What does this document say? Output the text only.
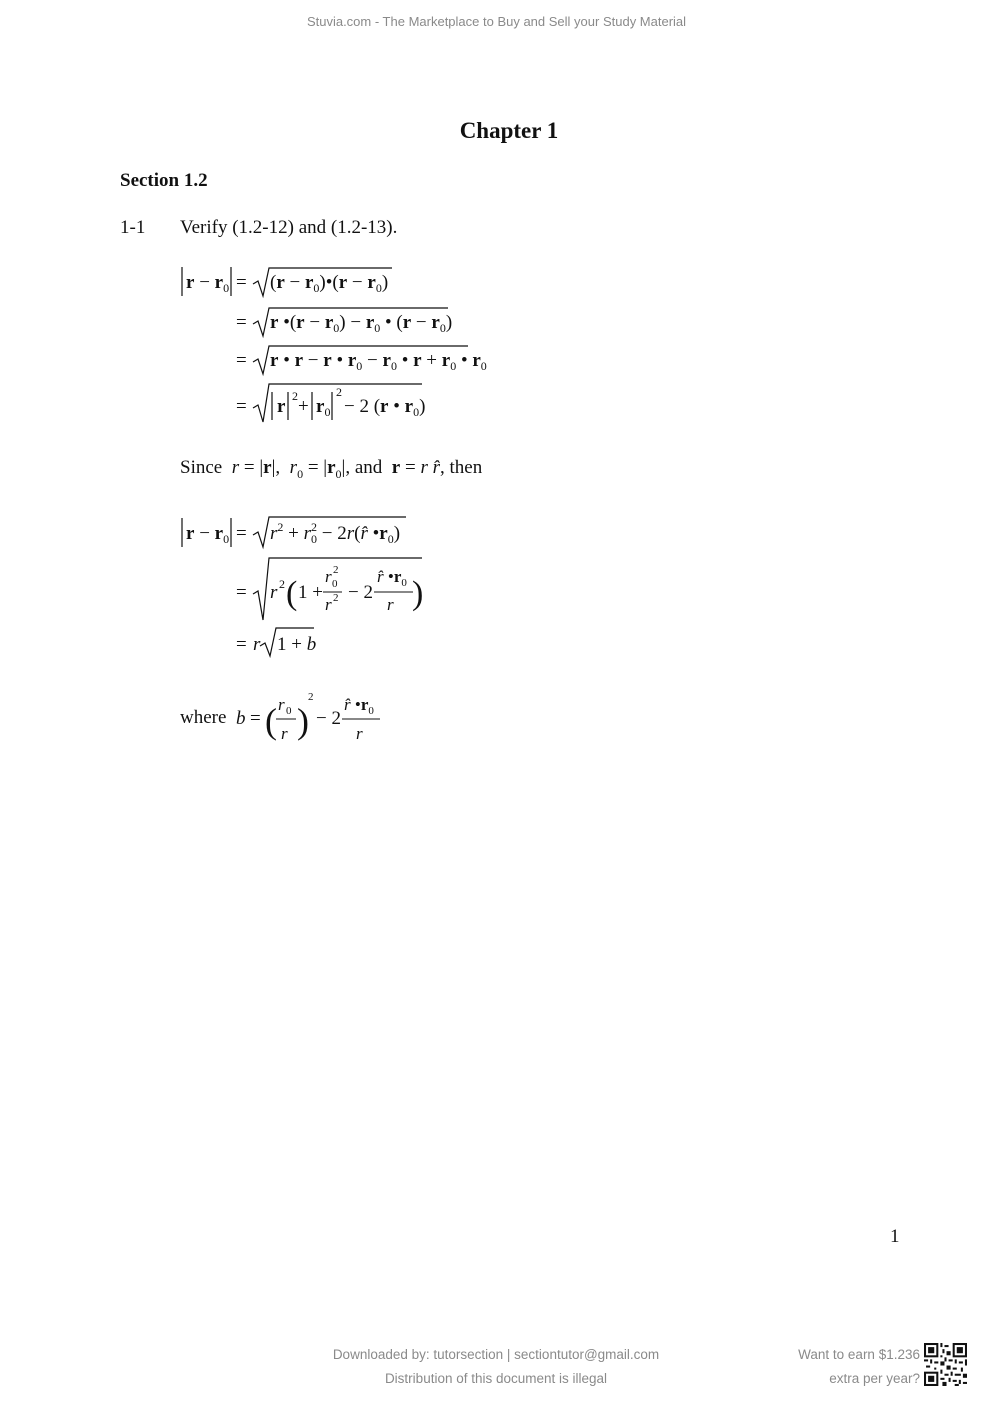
Stuvia.com - The Marketplace to Buy and Sell your Study Material
Chapter 1
Section 1.2
1-1 Verify (1.2-12) and (1.2-13).
$r - r_0 = (r$ − $r_0)•(r - r_0)$
= r •(r − $r_0) - r_0$ • $(r - r_0)$
= r • r − r • $r_0 - r_0$ • $r + r_0$ • $r_0$
= r $2 + r_0$
2
− 2 (r • $r_0$)
Since  r = |r|,  $r_0 = |r_0|$, and r = r r̂, then
$r - r_0 = r^2 + r^2$ 0 − 2r(r̂ $•r_0$)
= r 2 ( 1 +
r 2
0
r 2 − 2
r̂ $•r_0$
r )
= r 1 + b
where b = ( r 0
r )
2
− 2
r̂ $•r_0$
r
1
Downloaded by: tutorsection | sectiontutor@gmail.com
Distribution of this document is illegal
Want to earn $1.236
extra per year?
